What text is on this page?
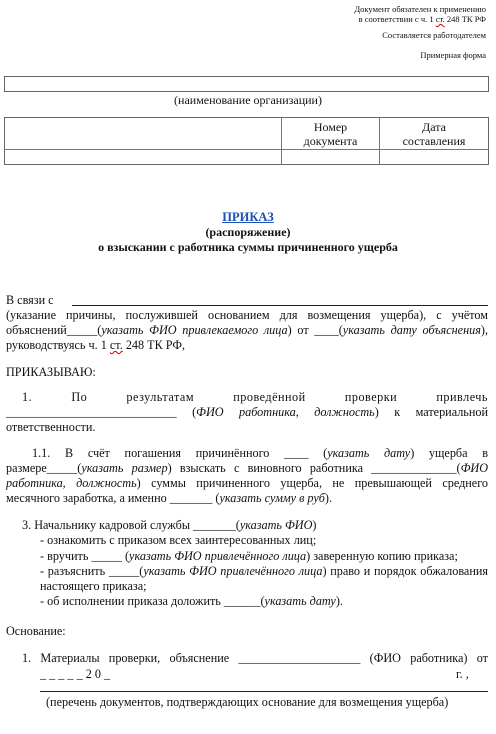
Документ обязателен к применению
в соответствии с ч. 1 ст. 248 ТК РФ
Составляется работодателем
Примерная форма
(наименование организации)
Номер
документа
Дата
составления
ПРИКАЗ
(распоряжение)
о взыскании с работника суммы причиненного ущерба
В связи с
(указание причины, послужившей основанием для возмещения ущерба), с учётом
объяснений_____(указать ФИО привлекаемого лица) от ____(указать дату объяснения),
руководствуясь ч. 1 ст. 248 ТК РФ,
ПРИКАЗЫВАЮ:
1. По результатам проведённой проверки привлечь
____________________________ (ФИО работника, должность) к материальной
ответственности.
1.1. В счёт погашения причинённого ____ (указать дату) ущерба в
размере_____(указать размер) взыскать с виновного работника ______________(ФИО
работника, должность) суммы причиненного ущерба, не превышающей среднего
месячного заработка, а именно _______ (указать сумму в руб).
3. Начальнику кадровой службы _______(указать ФИО)
- ознакомить с приказом всех заинтересованных лиц;
- вручить _____ (указать ФИО привлечённого лица) заверенную копию приказа;
- разъяснить _____(указать ФИО привлечённого лица) право и порядок обжалования
настоящего приказа;
- об исполнении приказа доложить ______(указать дату).
Основание:
1. Материалы проверки, объяснение ____________________ (ФИО работника) от
_ _ _ _ _ 2 0 _	г. ,
(перечень документов, подтверждающих основание для возмещения ущерба)
